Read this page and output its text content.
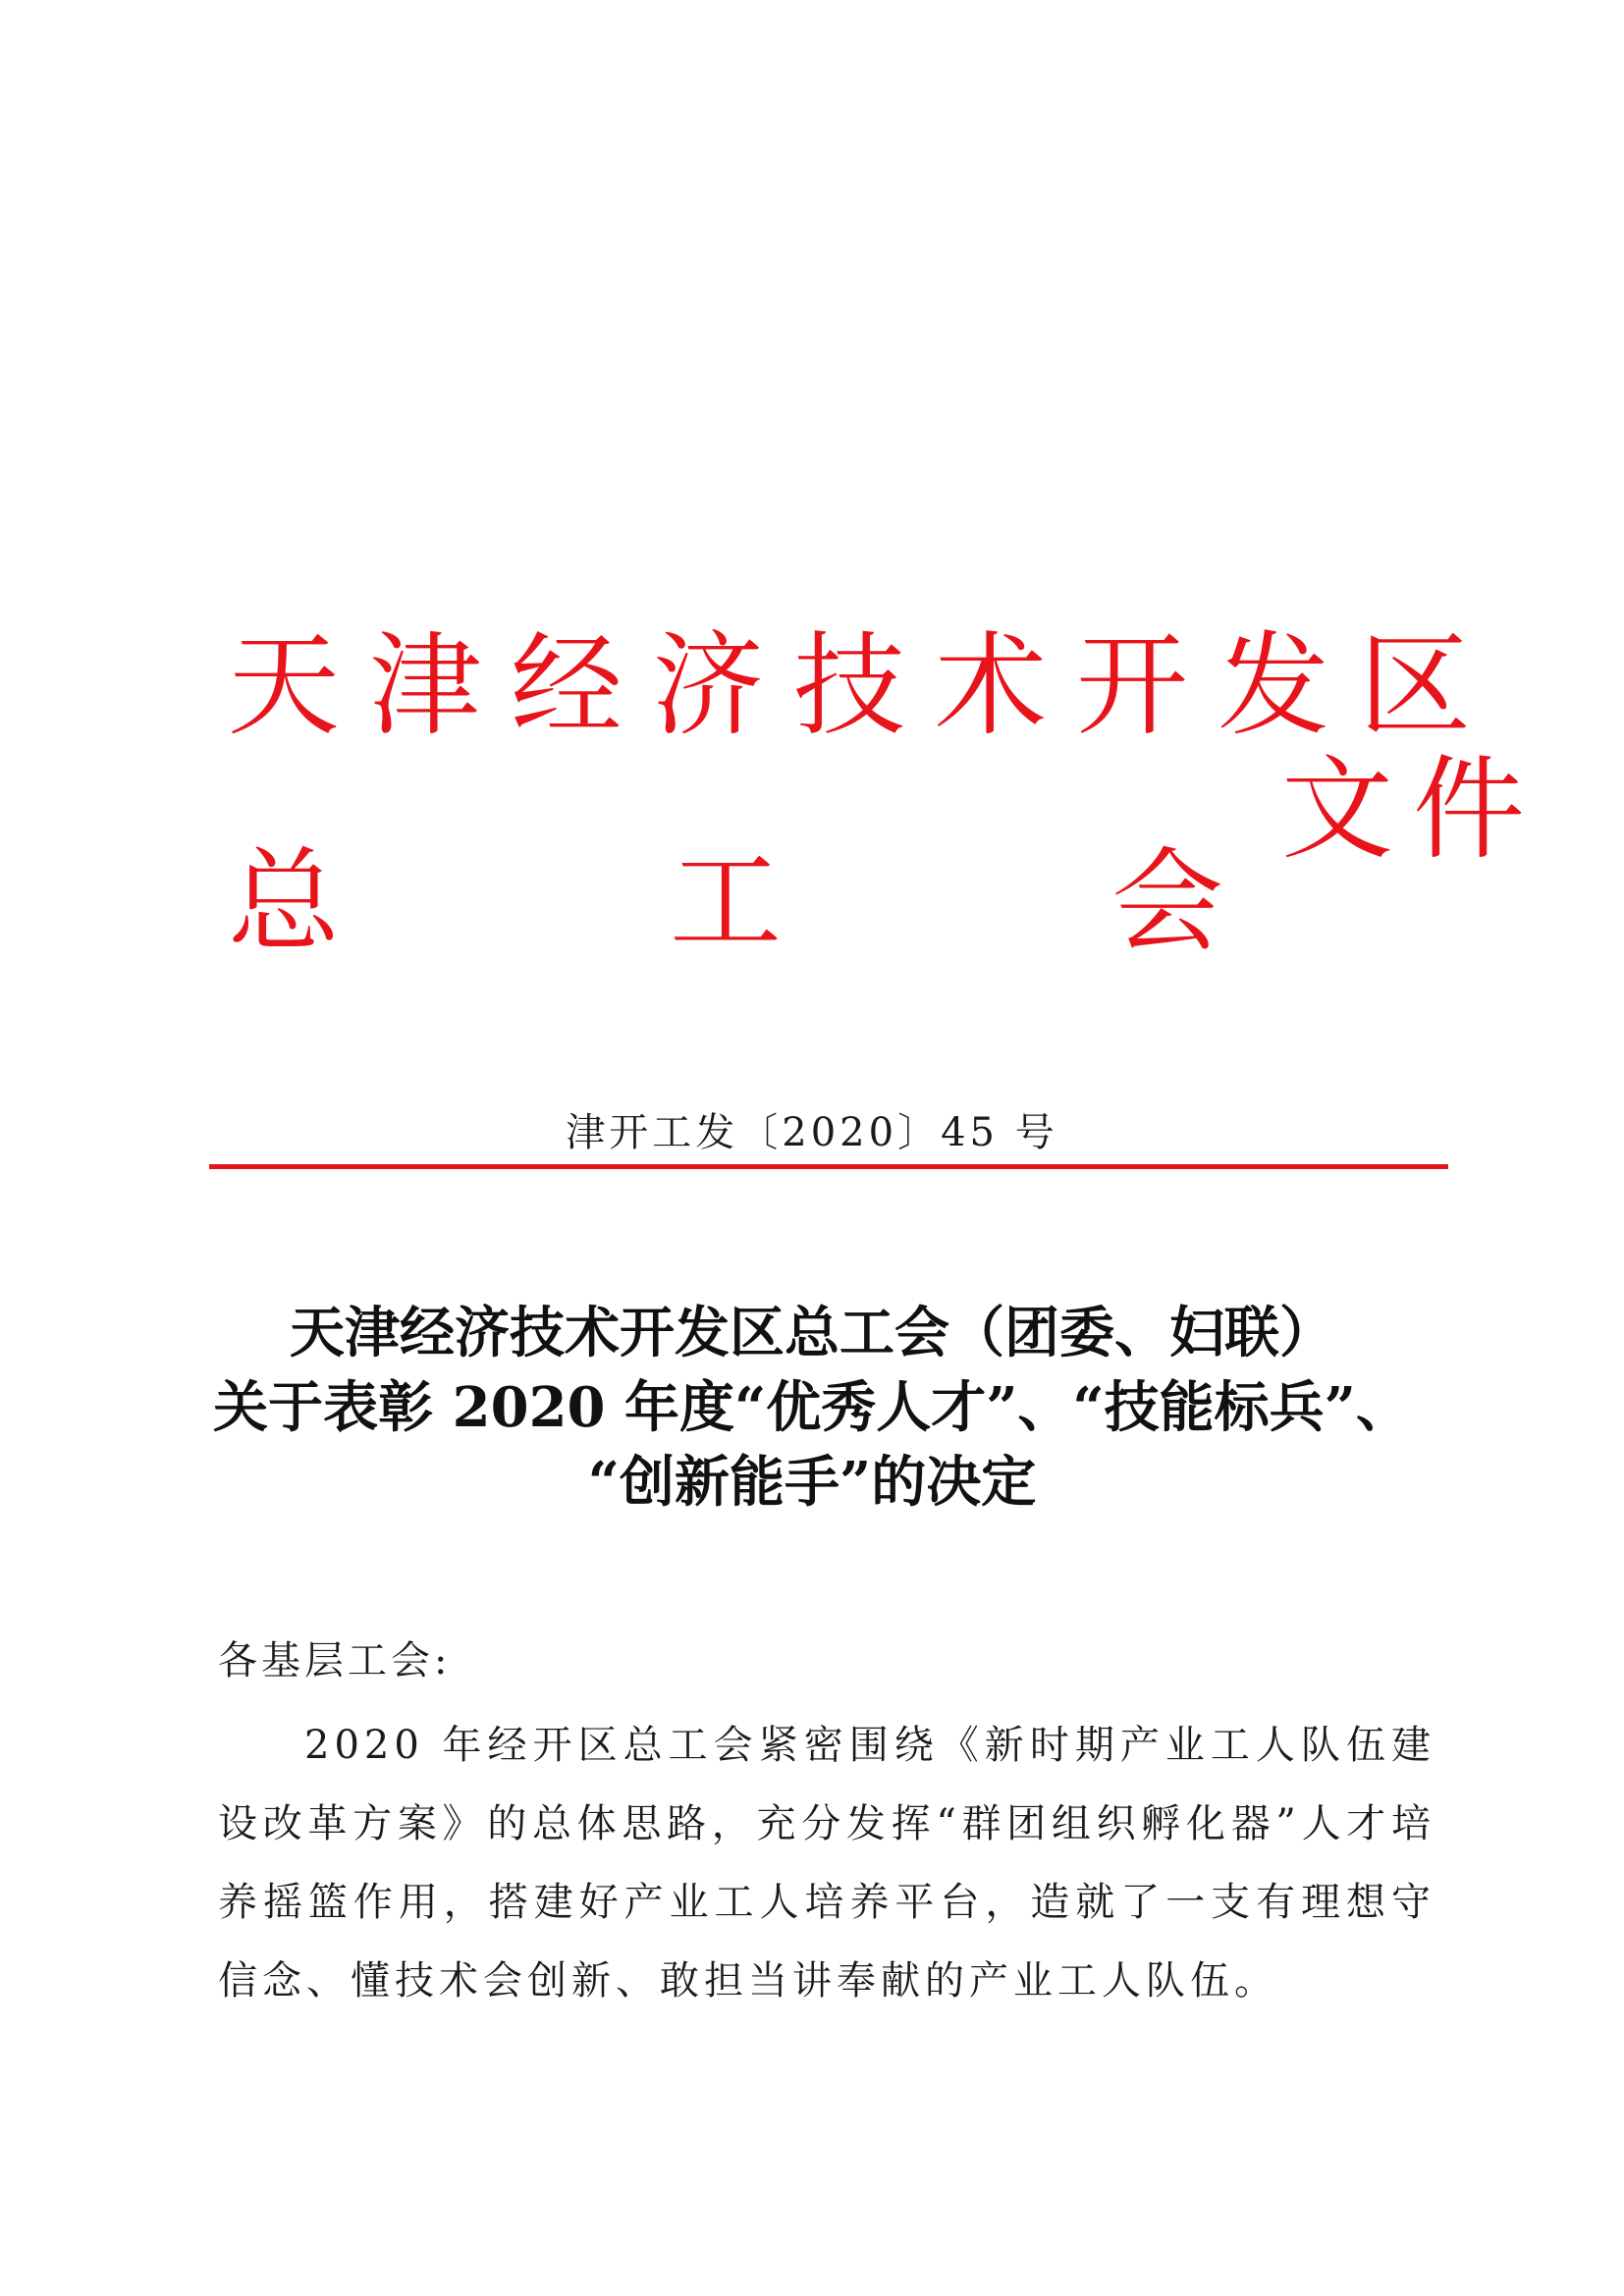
天津经济技术开发区
总	工	会
文件
津开工发〔2020〕45 号
天津经济技术开发区总工会（团委、妇联）
关于表彰 2020 年度“优秀人才”、“技能标兵”、
“创新能手”的决定
各基层工会:
2020 年经开区总工会紧密围绕《新时期产业工人队伍建设改革方案》的总体思路，充分发挥“群团组织孵化器”人才培养摇篮作用，搭建好产业工人培养平台，造就了一支有理想守信念、懂技术会创新、敢担当讲奉献的产业工人队伍。
